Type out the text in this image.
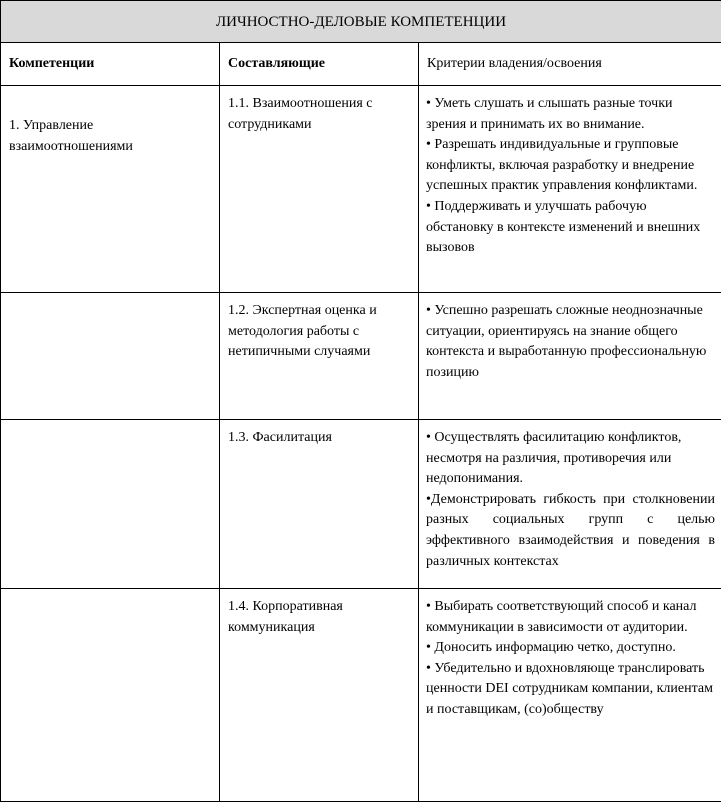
ЛИЧНОСТНО-ДЕЛОВЫЕ КОМПЕТЕНЦИИ		
Компетенции	Составляющие	Критерии владения/освоения

1. Управление взаимоотношениями	1.1. Взаимоотношения с сотрудниками	• Уметь слушать и слышать разные точки зрения и принимать их во внимание.

• Разрешать индивидуальные и групповые конфликты, включая разработку и внедрение успешных практик управления конфликтами.

• Поддерживать и улучшать рабочую обстановку в контексте изменений и внешних вызовов

	1.2. Экспертная оценка и методология работы с нетипичными случаями	• Успешно разрешать сложные неоднозначные ситуации, ориентируясь на знание общего контекста и выработанную профессиональную позицию

	1.3. Фасилитация	• Осуществлять фасилитацию конфликтов, несмотря на различия, противоречия или недопонимания.

•Демонстрировать гибкость при столкновении разных социальных групп с целью эффективного взаимодействия и поведения в различных контекстах

	1.4. Корпоративная коммуникация	• Выбирать соответствующий способ и канал коммуникации в зависимости от аудитории.

• Доносить информацию четко, доступно.

• Убедительно и вдохновляюще транслировать ценности DEI сотрудникам компании, клиентам и поставщикам, (со)обществу
